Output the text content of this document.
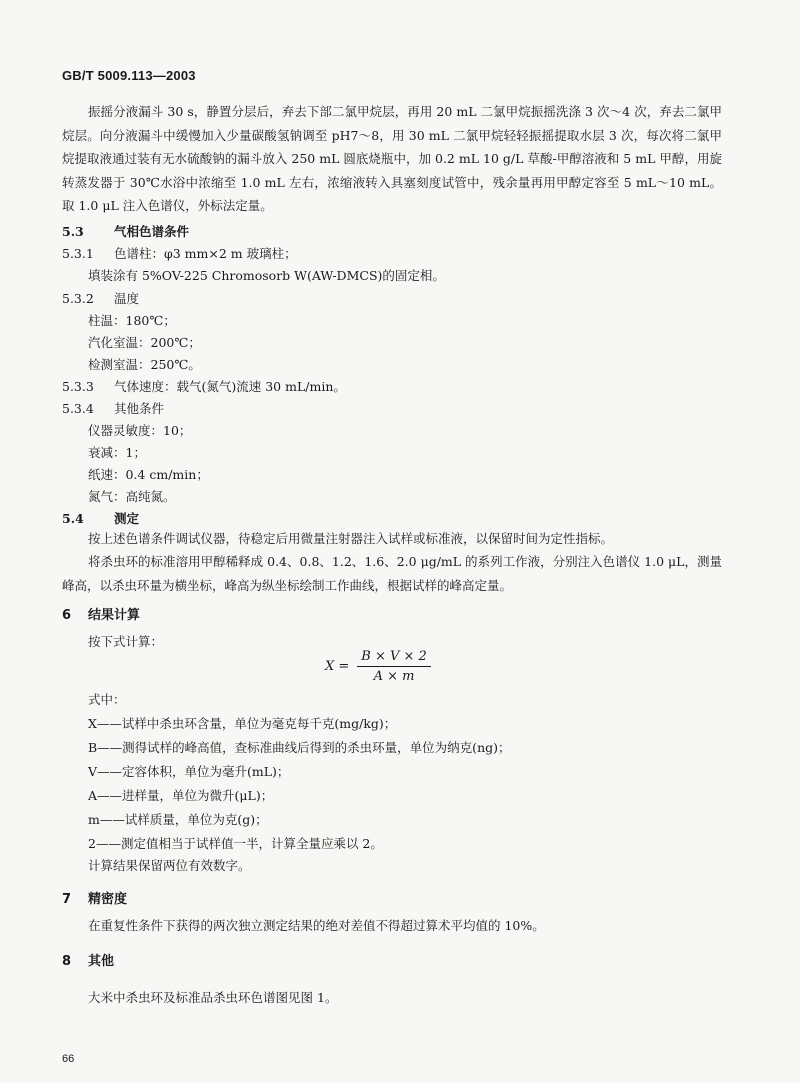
GB/T 5009.113—2003
振摇分液漏斗 30 s，静置分层后，弃去下部二氯甲烷层，再用 20 mL 二氯甲烷振摇洗涤 3 次～4 次，弃去二氯甲烷层。向分液漏斗中缓慢加入少量碳酸氢钠调至 pH7～8，用 30 mL 二氯甲烷轻轻振摇提取水层 3 次，每次将二氯甲烷提取液通过装有无水硫酸钠的漏斗放入 250 mL 圆底烧瓶中，加 0.2 mL 10 g/L 草酸-甲醇溶液和 5 mL 甲醇，用旋转蒸发器于 30℃水浴中浓缩至 1.0 mL 左右，浓缩液转入具塞刻度试管中，残余量再用甲醇定容至 5 mL～10 mL。取 1.0 μL 注入色谱仪，外标法定量。
5.3 气相色谱条件
5.3.1 色谱柱：φ3 mm×2 m 玻璃柱；
填装涂有 5%OV-225 Chromosorb W(AW-DMCS)的固定相。
5.3.2 温度
柱温：180℃；
汽化室温：200℃；
检测室温：250℃。
5.3.3 气体速度：载气(氮气)流速 30 mL/min。
5.3.4 其他条件
仪器灵敏度：10；
衰减：1；
纸速：0.4 cm/min；
氮气：高纯氮。
5.4 测定
按上述色谱条件调试仪器，待稳定后用微量注射器注入试样或标准液，以保留时间为定性指标。
将杀虫环的标准溶用甲醇稀释成 0.4、0.8、1.2、1.6、2.0 μg/mL 的系列工作液，分别注入色谱仪 1.0 μL，测量峰高，以杀虫环量为横坐标，峰高为纵坐标绘制工作曲线，根据试样的峰高定量。
6 结果计算
按下式计算：
$X = \frac{B \times V \times 2}{A \times m}$
式中：
X——试样中杀虫环含量，单位为毫克每千克(mg/kg)；
B——测得试样的峰高值，查标准曲线后得到的杀虫环量，单位为纳克(ng)；
V——定容体积，单位为毫升(mL)；
A——进样量，单位为微升(μL)；
m——试样质量，单位为克(g)；
2——测定值相当于试样值一半，计算全量应乘以 2。
计算结果保留两位有效数字。
7 精密度
在重复性条件下获得的两次独立测定结果的绝对差值不得超过算术平均值的 10%。
8 其他
大米中杀虫环及标准品杀虫环色谱图见图 1。
66
